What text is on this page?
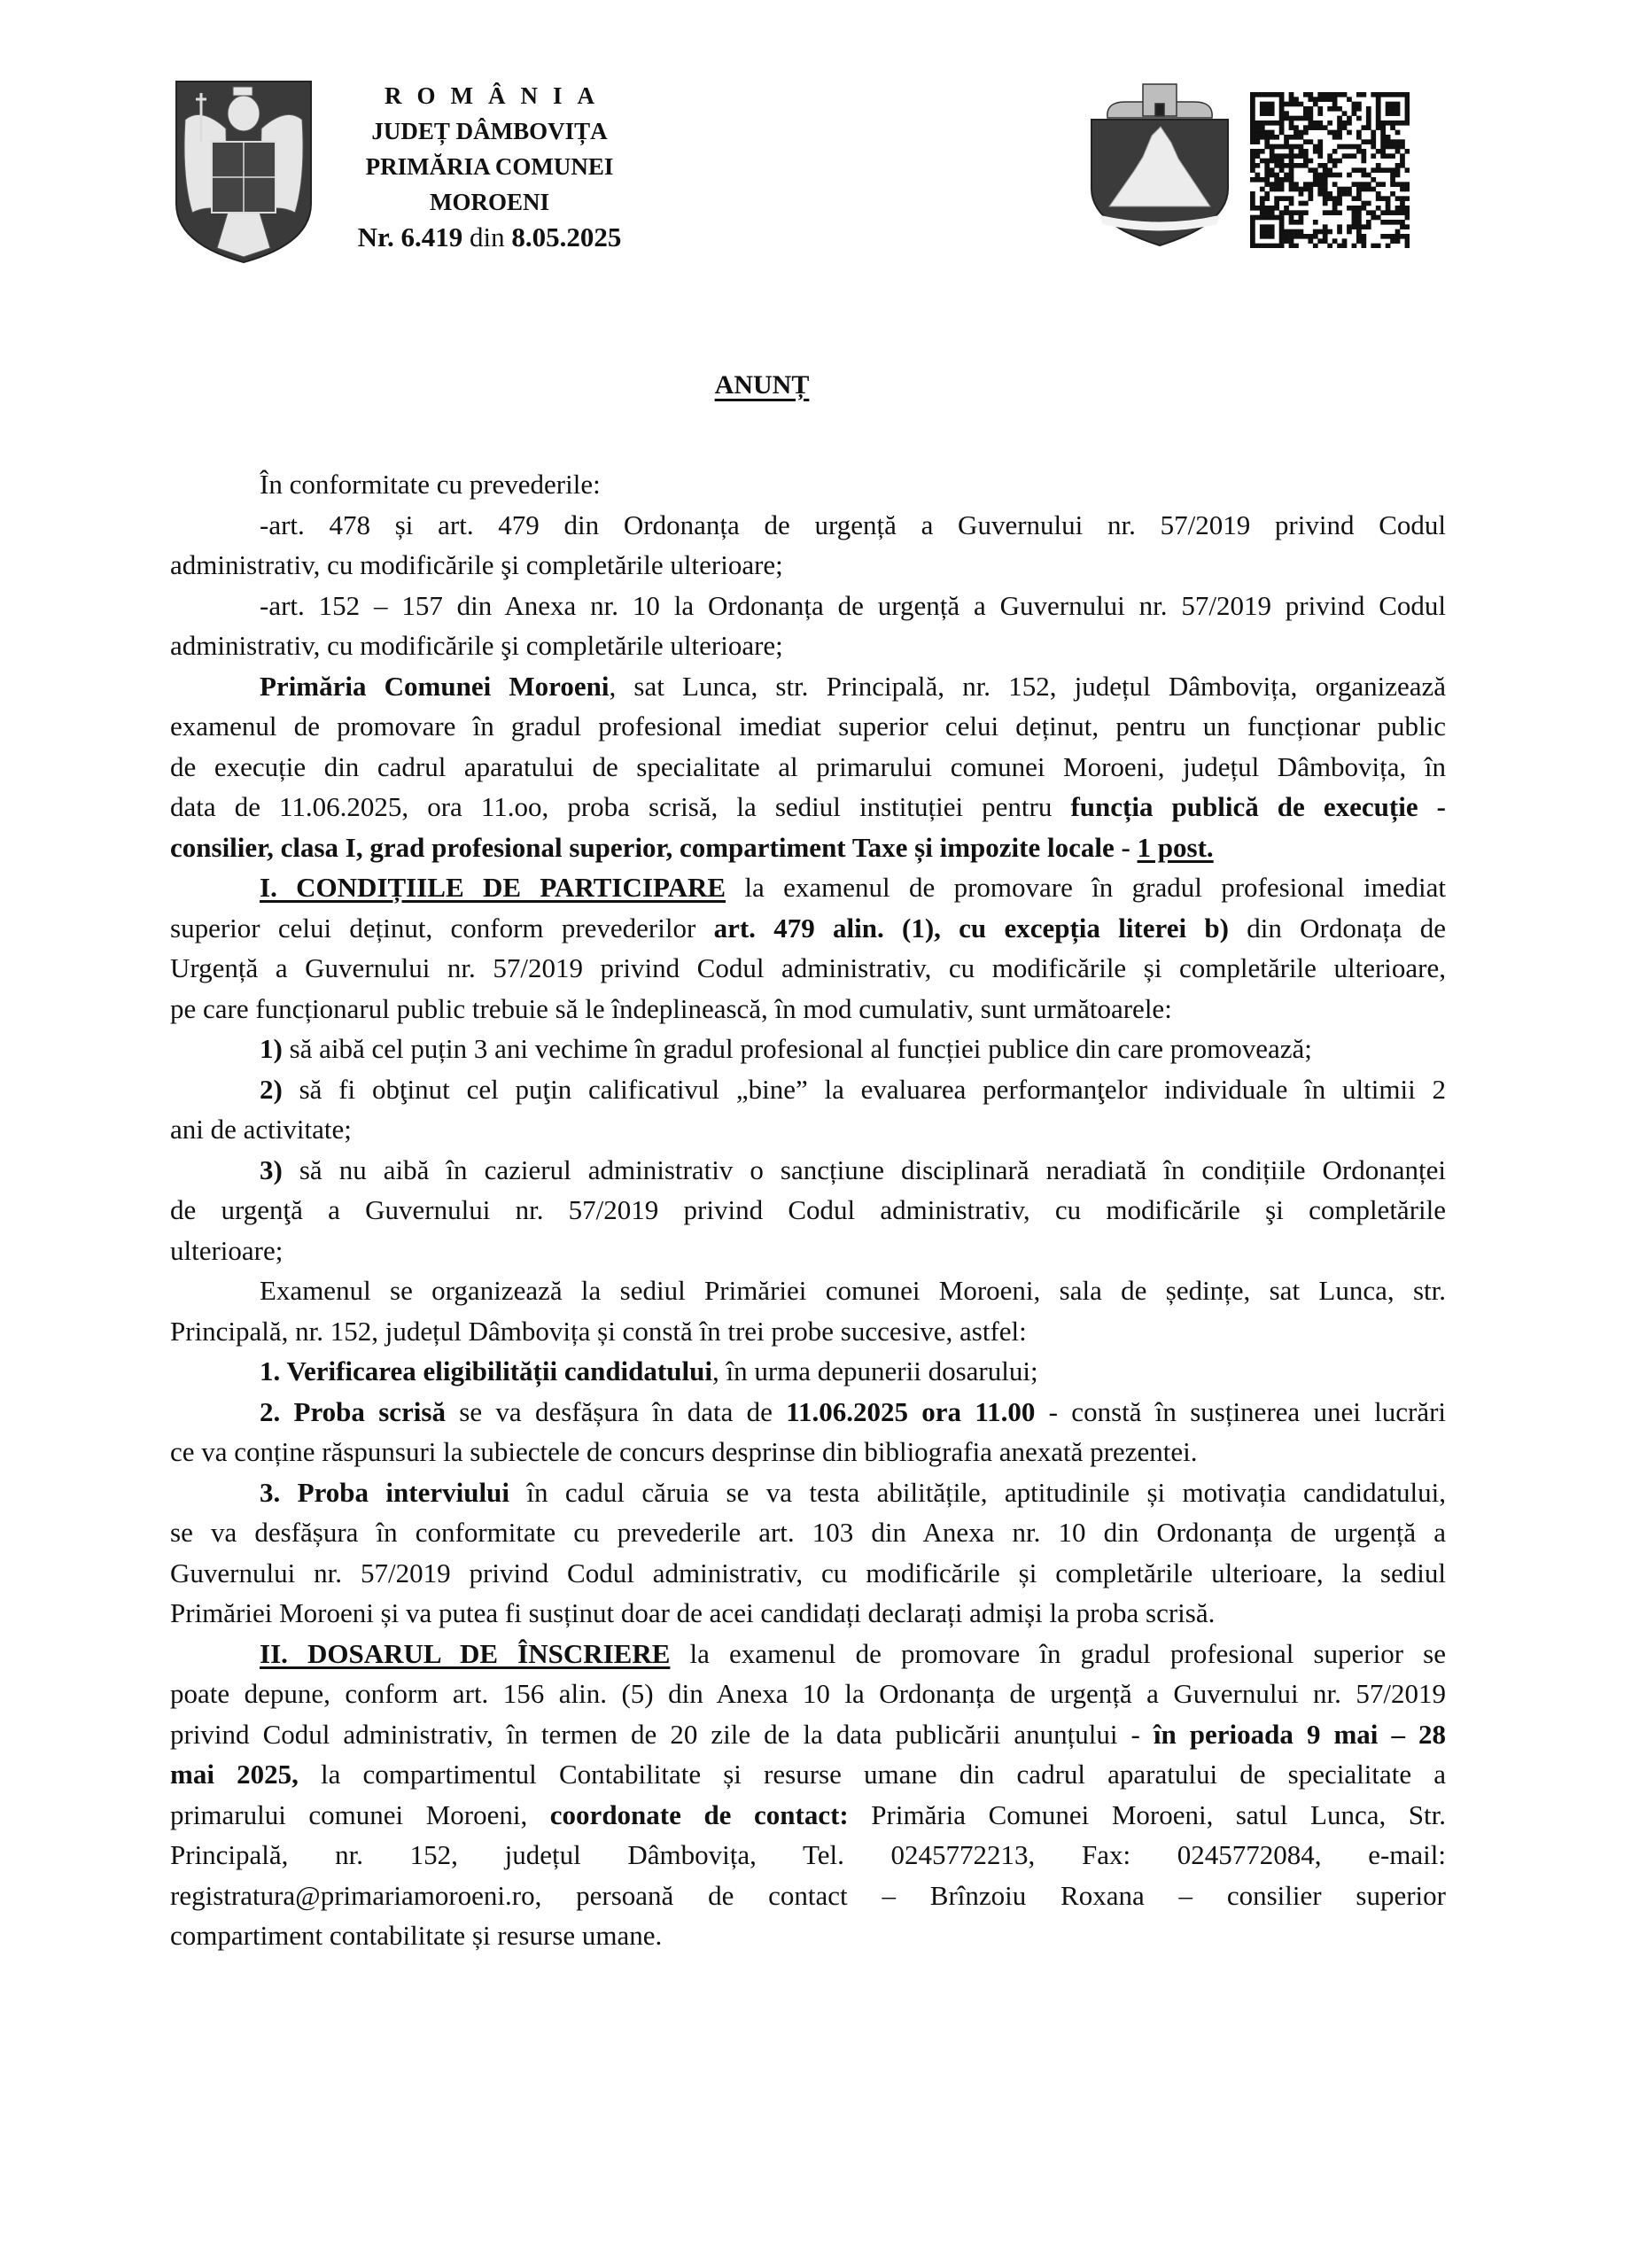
ROMÂNIA
JUDEȚ DÂMBOVIȚA
PRIMĂRIA COMUNEI
MOROENI
Nr. 6.419 din 8.05.2025
ANUNȚ
În conformitate cu prevederile:
-art. 478 și art. 479 din Ordonanța de urgență a Guvernului nr. 57/2019 privind Codul
administrativ, cu modificările şi completările ulterioare;
-art. 152 – 157 din Anexa nr. 10 la Ordonanța de urgență a Guvernului nr. 57/2019 privind Codul
administrativ, cu modificările şi completările ulterioare;
Primăria Comunei Moroeni, sat Lunca, str. Principală, nr. 152, județul Dâmbovița, organizează
examenul de promovare în gradul profesional imediat superior celui deținut, pentru un funcționar public
de execuție din cadrul aparatului de specialitate al primarului comunei Moroeni, județul Dâmbovița, în
data de 11.06.2025, ora 11.oo, proba scrisă, la sediul instituției pentru funcția publică de execuție -
consilier, clasa I, grad profesional superior, compartiment Taxe și impozite locale - 1 post.
I. CONDIȚIILE DE PARTICIPARE la examenul de promovare în gradul profesional imediat
superior celui deținut, conform prevederilor art. 479 alin. (1), cu excepția literei b) din Ordonața de
Urgență a Guvernului nr. 57/2019 privind Codul administrativ, cu modificările și completările ulterioare,
pe care funcționarul public trebuie să le îndeplinească, în mod cumulativ, sunt următoarele:
1) să aibă cel puțin 3 ani vechime în gradul profesional al funcției publice din care promovează;
2) să fi obţinut cel puţin calificativul „bine” la evaluarea performanţelor individuale în ultimii 2
ani de activitate;
3) să nu aibă în cazierul administrativ o sancțiune disciplinară neradiată în condițiile Ordonanței
de urgenţă a Guvernului nr. 57/2019 privind Codul administrativ, cu modificările şi completările
ulterioare;
Examenul se organizează la sediul Primăriei comunei Moroeni, sala de ședințe, sat Lunca, str.
Principală, nr. 152, județul Dâmbovița și constă în trei probe succesive, astfel:
1. Verificarea eligibilității candidatului, în urma depunerii dosarului;
2. Proba scrisă se va desfășura în data de 11.06.2025 ora 11.00 - constă în susținerea unei lucrări
ce va conține răspunsuri la subiectele de concurs desprinse din bibliografia anexată prezentei.
3. Proba interviului în cadul căruia se va testa abilitățile, aptitudinile și motivația candidatului,
se va desfășura în conformitate cu prevederile art. 103 din Anexa nr. 10 din Ordonanța de urgență a
Guvernului nr. 57/2019 privind Codul administrativ, cu modificările și completările ulterioare, la sediul
Primăriei Moroeni și va putea fi susținut doar de acei candidați declarați admiși la proba scrisă.
II. DOSARUL DE ÎNSCRIERE la examenul de promovare în gradul profesional superior se
poate depune, conform art. 156 alin. (5) din Anexa 10 la Ordonanța de urgență a Guvernului nr. 57/2019
privind Codul administrativ, în termen de 20 zile de la data publicării anunțului - în perioada 9 mai – 28
mai 2025, la compartimentul Contabilitate și resurse umane din cadrul aparatului de specialitate a
primarului comunei Moroeni, coordonate de contact: Primăria Comunei Moroeni, satul Lunca, Str.
Principală, nr. 152, județul Dâmbovița, Tel. 0245772213, Fax: 0245772084, e-mail:
registratura@primariamoroeni.ro, persoană de contact – Brînzoiu Roxana – consilier superior
compartiment contabilitate și resurse umane.
